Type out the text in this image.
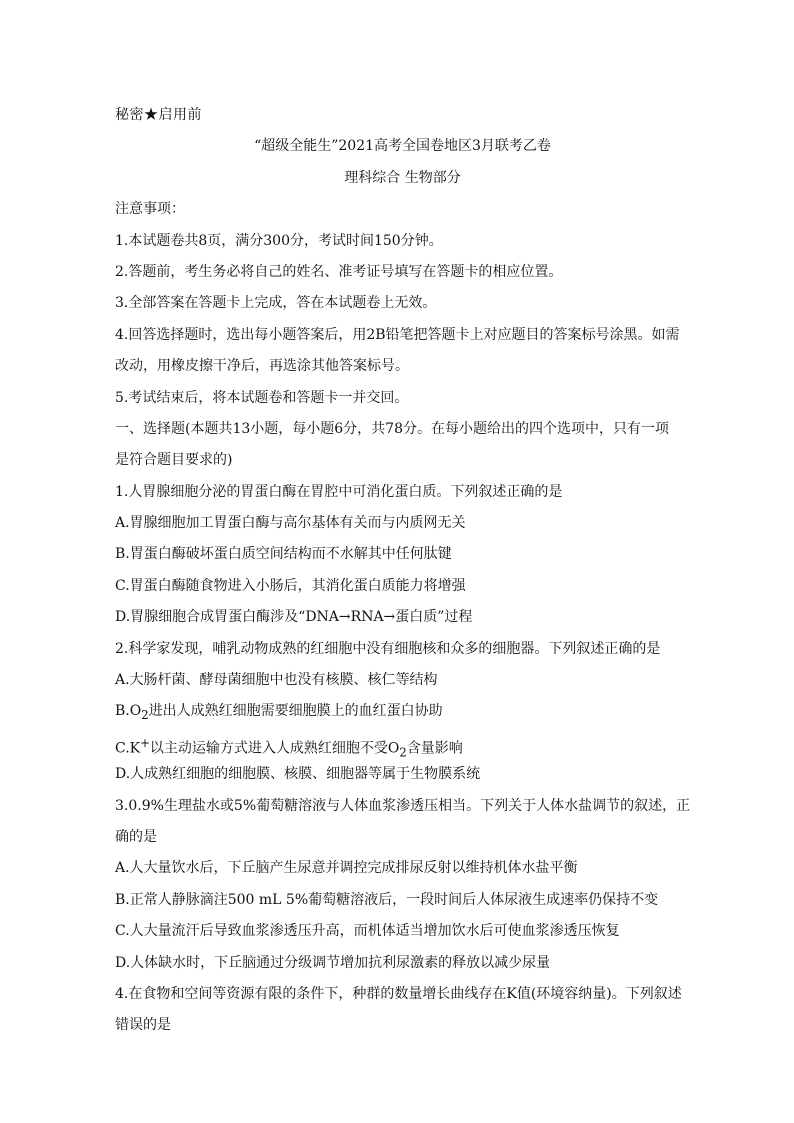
秘密★启用前
“超级全能生”2021高考全国卷地区3月联考乙卷
理科综合 生物部分
注意事项：
1.本试题卷共8页，满分300分，考试时间150分钟。
2.答题前，考生务必将自己的姓名、准考证号填写在答题卡的相应位置。
3.全部答案在答题卡上完成，答在本试题卷上无效。
4.回答选择题时，选出每小题答案后，用2B铅笔把答题卡上对应题目的答案标号涂黑。如需
改动，用橡皮擦干净后，再选涂其他答案标号。
5.考试结束后，将本试题卷和答题卡一并交回。
一、选择题(本题共13小题，每小题6分，共78分。在每小题给出的四个选项中，只有一项
是符合题目要求的)
1.人胃腺细胞分泌的胃蛋白酶在胃腔中可消化蛋白质。下列叙述正确的是
A.胃腺细胞加工胃蛋白酶与高尔基体有关而与内质网无关
B.胃蛋白酶破坏蛋白质空间结构而不水解其中任何肽键
C.胃蛋白酶随食物进入小肠后，其消化蛋白质能力将增强
D.胃腺细胞合成胃蛋白酶涉及“DNA→RNA→蛋白质”过程
2.科学家发现，哺乳动物成熟的红细胞中没有细胞核和众多的细胞器。下列叙述正确的是
A.大肠杆菌、酵母菌细胞中也没有核膜、核仁等结构
$B.O_2$进出人成熟红细胞需要细胞膜上的血红蛋白协助
C.K+以主动运输方式进入人成熟红细胞不受$O_2$含量影响
D.人成熟红细胞的细胞膜、核膜、细胞器等属于生物膜系统
3.0.9%生理盐水或5%葡萄糖溶液与人体血浆渗透压相当。下列关于人体水盐调节的叙述，正
确的是
A.人大量饮水后，下丘脑产生尿意并调控完成排尿反射以维持机体水盐平衡
B.正常人静脉滴注500 mL 5%葡萄糖溶液后，一段时间后人体尿液生成速率仍保持不变
C.人大量流汗后导致血浆渗透压升高，而机体适当增加饮水后可使血浆渗透压恢复
D.人体缺水时，下丘脑通过分级调节增加抗利尿激素的释放以减少尿量
4.在食物和空间等资源有限的条件下，种群的数量增长曲线存在K值(环境容纳量)。下列叙述
错误的是
